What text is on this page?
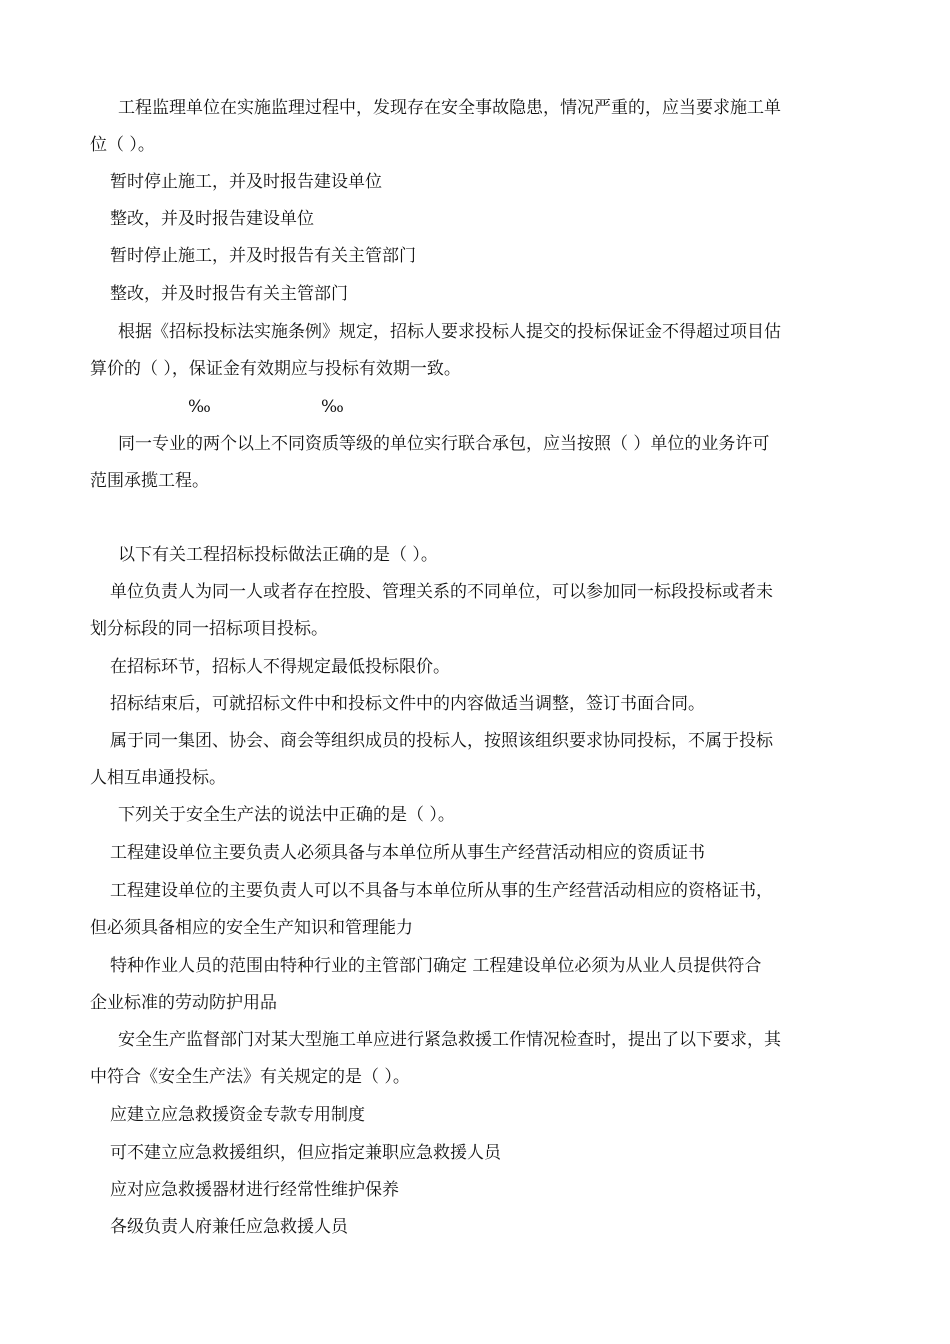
工程监理单位在实施监理过程中，发现存在安全事故隐患，情况严重的，应当要求施工单

位（ ）。

暂时停止施工，并及时报告建设单位

整改，并及时报告建设单位

暂时停止施工，并及时报告有关主管部门

整改，并及时报告有关主管部门

根据《招标投标法实施条例》规定，招标人要求投标人提交的投标保证金不得超过项目估

算价的（ ），保证金有效期应与投标有效期一致。

‰	‰

同一专业的两个以上不同资质等级的单位实行联合承包，应当按照（ ）单位的业务许可

范围承揽工程。

以下有关工程招标投标做法正确的是（ ）。

单位负责人为同一人或者存在控股、管理关系的不同单位，可以参加同一标段投标或者未

划分标段的同一招标项目投标。

在招标环节，招标人不得规定最低投标限价。

招标结束后，可就招标文件中和投标文件中的内容做适当调整，签订书面合同。

属于同一集团、协会、商会等组织成员的投标人，按照该组织要求协同投标，不属于投标

人相互串通投标。

下列关于安全生产法的说法中正确的是（ ）。

工程建设单位主要负责人必须具备与本单位所从事生产经营活动相应的资质证书

工程建设单位的主要负责人可以不具备与本单位所从事的生产经营活动相应的资格证书，

但必须具备相应的安全生产知识和管理能力

特种作业人员的范围由特种行业的主管部门确定 工程建设单位必须为从业人员提供符合

企业标准的劳动防护用品

安全生产监督部门对某大型施工单应进行紧急救援工作情况检查时，提出了以下要求，其

中符合《安全生产法》有关规定的是（ ）。

应建立应急救援资金专款专用制度

可不建立应急救援组织，但应指定兼职应急救援人员

应对应急救援器材进行经常性维护保养

各级负责人府兼任应急救援人员
